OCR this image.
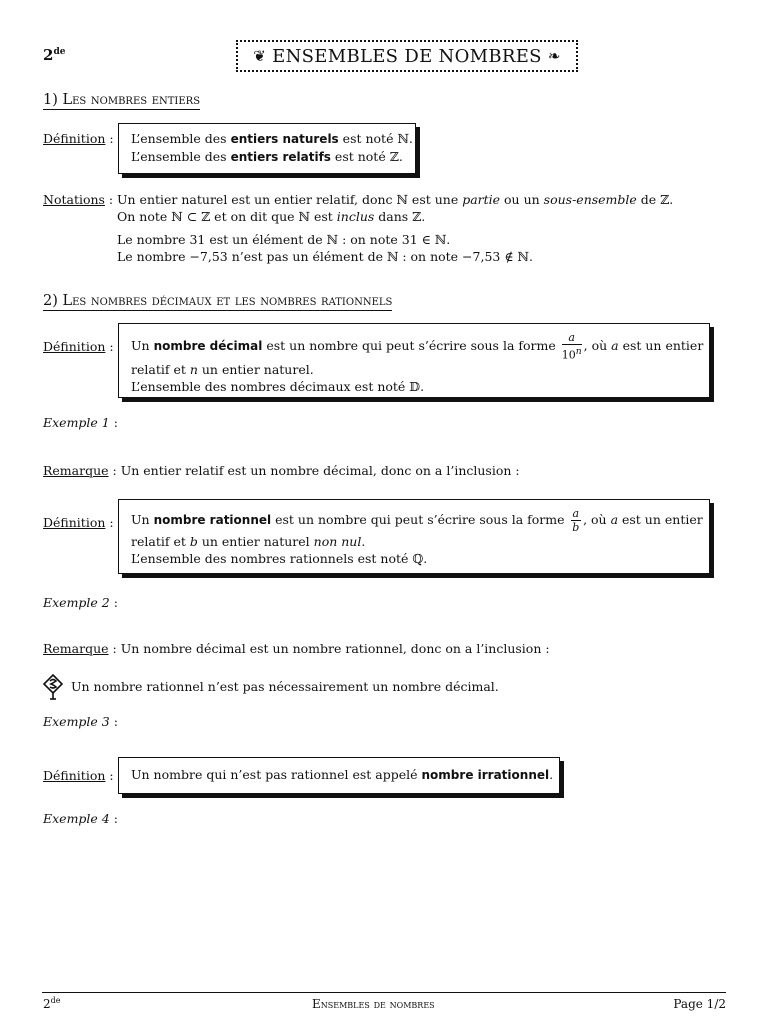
2de	❦ ENSEMBLES DE NOMBRES ❧
1) Les nombres entiers
Définition : L’ensemble des entiers naturels est noté ℕ.
L’ensemble des entiers relatifs est noté ℤ.
Notations : Un entier naturel est un entier relatif, donc ℕ est une partie ou un sous-ensemble de ℤ.
On note ℕ ⊂ ℤ et on dit que ℕ est inclus dans ℤ.
Le nombre 31 est un élément de ℕ : on note 31 ∈ ℕ.
Le nombre −7,53 n’est pas un élément de ℕ : on note −7,53 ∉ ℕ.
2) Les nombres décimaux et les nombres rationnels
Définition : Un nombre décimal est un nombre qui peut s’écrire sous la forme $\frac{a}{10^n}$ , où a est un entier
relatif et n un entier naturel.
L’ensemble des nombres décimaux est noté 𝔻.
Exemple 1 :
Remarque : Un entier relatif est un nombre décimal, donc on a l’inclusion :
Définition : Un nombre rationnel est un nombre qui peut s’écrire sous la forme $\frac{a}{b}$ , où a est un entier
relatif et b un entier naturel non nul.
L’ensemble des nombres rationnels est noté ℚ.
Exemple 2 :
Remarque : Un nombre décimal est un nombre rationnel, donc on a l’inclusion :
Un nombre rationnel n’est pas nécessairement un nombre décimal.
Exemple 3 :
Définition : Un nombre qui n’est pas rationnel est appelé nombre irrationnel.
Exemple 4 :
2de	Ensembles de nombres	Page 1/2
